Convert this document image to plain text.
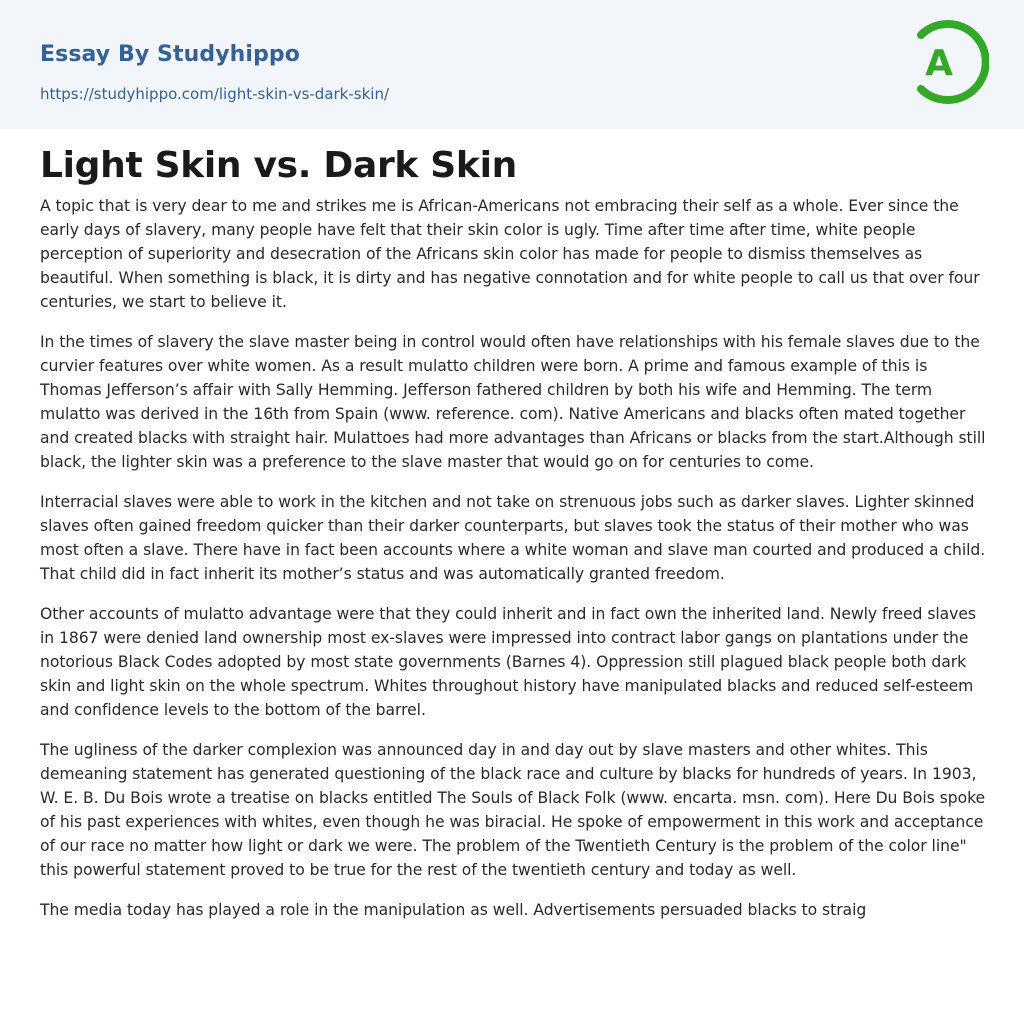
Essay By Studyhippo
https://studyhippo.com/light-skin-vs-dark-skin/
A
Light Skin vs. Dark Skin

A topic that is very dear to me and strikes me is African-Americans not embracing their self as a whole. Ever since the early days of slavery, many people have felt that their skin color is ugly. Time after time after time, white people perception of superiority and desecration of the Africans skin color has made for people to dismiss themselves as beautiful. When something is black, it is dirty and has negative connotation and for white people to call us that over four centuries, we start to believe it.

In the times of slavery the slave master being in control would often have relationships with his female slaves due to the curvier features over white women. As a result mulatto children were born. A prime and famous example of this is Thomas Jefferson’s affair with Sally Hemming. Jefferson fathered children by both his wife and Hemming. The term mulatto was derived in the 16th from Spain (www. reference. com). Native Americans and blacks often mated together and created blacks with straight hair. Mulattoes had more advantages than Africans or blacks from the start.Although still black, the lighter skin was a preference to the slave master that would go on for centuries to come.

Interracial slaves were able to work in the kitchen and not take on strenuous jobs such as darker slaves. Lighter skinned slaves often gained freedom quicker than their darker counterparts, but slaves took the status of their mother who was most often a slave. There have in fact been accounts where a white woman and slave man courted and produced a child. That child did in fact inherit its mother’s status and was automatically granted freedom.

Other accounts of mulatto advantage were that they could inherit and in fact own the inherited land. Newly freed slaves in 1867 were denied land ownership most ex-slaves were impressed into contract labor gangs on plantations under the notorious Black Codes adopted by most state governments (Barnes 4). Oppression still plagued black people both dark skin and light skin on the whole spectrum. Whites throughout history have manipulated blacks and reduced self-esteem and confidence levels to the bottom of the barrel.

The ugliness of the darker complexion was announced day in and day out by slave masters and other whites. This demeaning statement has generated questioning of the black race and culture by blacks for hundreds of years. In 1903, W. E. B. Du Bois wrote a treatise on blacks entitled The Souls of Black Folk (www. encarta. msn. com). Here Du Bois spoke of his past experiences with whites, even though he was biracial. He spoke of empowerment in this work and acceptance of our race no matter how light or dark we were. The problem of the Twentieth Century is the problem of the color line" this powerful statement proved to be true for the rest of the twentieth century and today as well.

The media today has played a role in the manipulation as well. Advertisements persuaded blacks to straig
